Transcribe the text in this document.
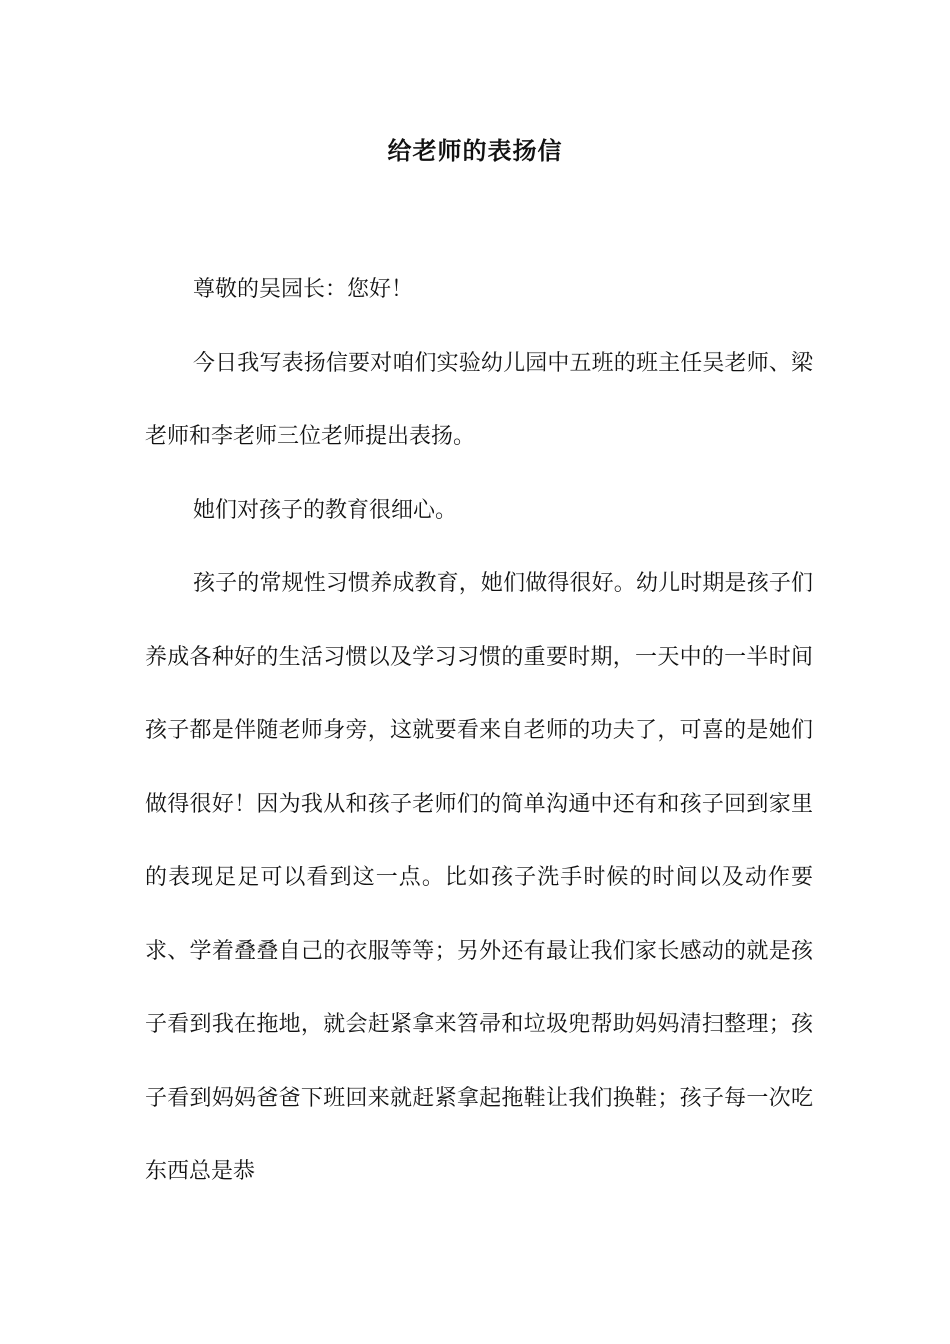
给老师的表扬信

尊敬的吴园长：您好！

今日我写表扬信要对咱们实验幼儿园中五班的班主任吴老师、梁老师和李老师三位老师提出表扬。

她们对孩子的教育很细心。

孩子的常规性习惯养成教育，她们做得很好。幼儿时期是孩子们养成各种好的生活习惯以及学习习惯的重要时期，一天中的一半时间孩子都是伴随老师身旁，这就要看来自老师的功夫了，可喜的是她们做得很好！因为我从和孩子老师们的简单沟通中还有和孩子回到家里的表现足足可以看到这一点。比如孩子洗手时候的时间以及动作要求、学着叠叠自己的衣服等等；另外还有最让我们家长感动的就是孩子看到我在拖地，就会赶紧拿来笤帚和垃圾兜帮助妈妈清扫整理；孩子看到妈妈爸爸下班回来就赶紧拿起拖鞋让我们换鞋；孩子每一次吃东西总是恭
